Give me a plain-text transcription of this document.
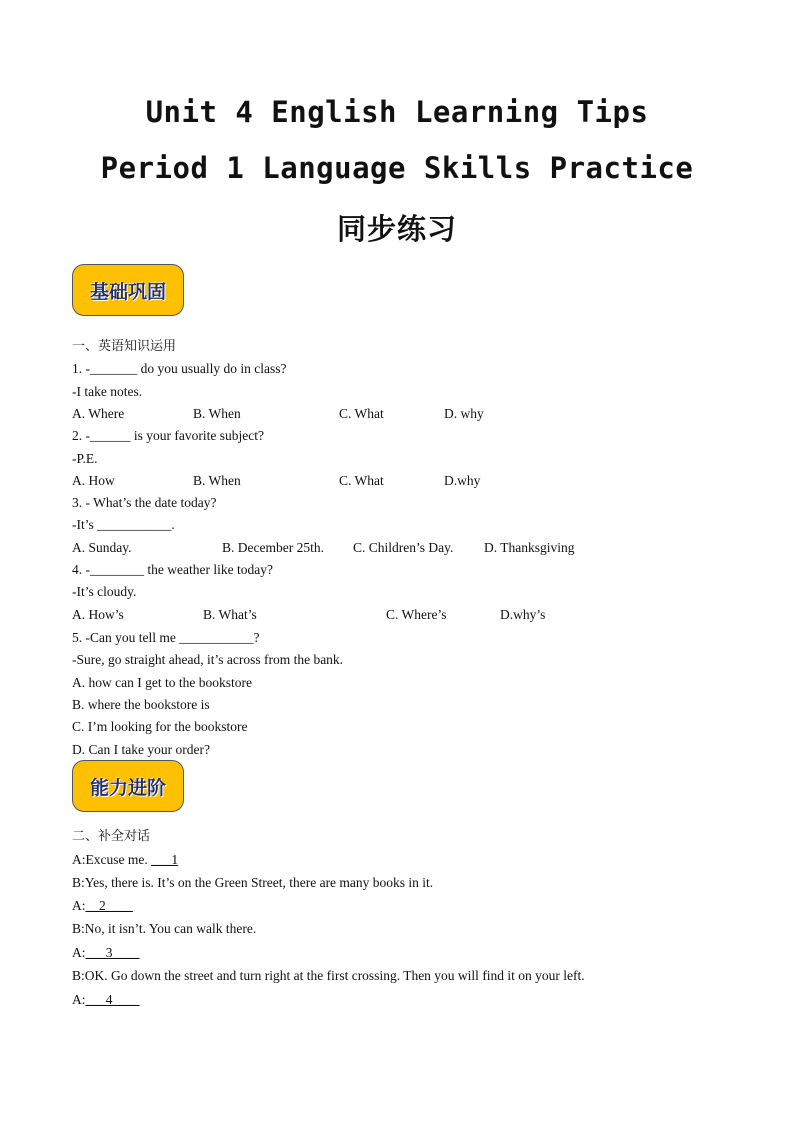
Unit 4 English Learning Tips
Period 1 Language Skills Practice
同步练习
基础巩固
一、英语知识运用
1. -_______ do you usually do in class?
-I take notes.
A. Where	B. When	C. What	D. why
2. -______ is your favorite subject?
-P.E.
A. How	B. When	C. What	D.why
3. - What’s the date today?
-It’s ___________.
A. Sunday.	B. December 25th. C. Children’s Day. D. Thanksgiving
4. -________ the weather like today?
-It’s cloudy.
A. How’s	B. What’s	C. Where’s	D.why’s
5. -Can you tell me ___________?
-Sure, go straight ahead, it’s across from the bank.
A. how can I get to the bookstore
B. where the bookstore is
C. I’m looking for the bookstore
D. Can I take your order?
能力进阶
二、补全对话
A:Excuse me. ___1
B:Yes, there is. It’s on the Green Street, there are many books in it.
A:__2____
B:No, it isn’t. You can walk there.
A:___3____
B:OK. Go down the street and turn right at the first crossing. Then you will find it on your left.
A:___4____
